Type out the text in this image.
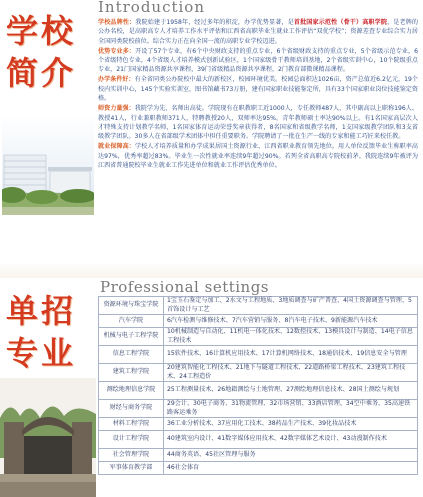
学校
简介
Introduction

学校品牌性：我院始建于1958年，经过多年的积淀，办学优势显著，是首批国家示范性（骨干）高职学院，是老牌的公办名校，是高职高专人才培养工作水平评估和江西省高职毕业生就业工作评估“双优学校”；资源差查专业综合实力居全国同类院校前位。综合实力正在向全国一流的高职专业学校迈进。

优势专业多：开设了57个专业，有6个中央财政支持的重点专业，6个省级财政支持的重点专业，5个省级示范专业，6个省级特色专业，4个省级人才培养模式创新试验区，1个国家级骨干教师培训基地，2个省级实训中心，10个院级重点专业，21门国家精品资源共享课程，39门省级精品资源共享课程，2门教育部微课精品课程。

办学条件好：有全省同类公办院校中最大的新校区，校园环境优美。校园总面积达1026亩，资产总值近6.2亿元，19个校内实训中心，145个实验实训室，图书馆藏书73万册，建有国家职业技能鉴定所，具有33个国家职业岗位技能鉴定资格。

师资力量强：我院学为先，名师出高徒。学院现有在职教职工近1000人，专任教师487人，其中副高以上职称196人、教授41人，行业兼职教师371人，特聘教授20人，双师率达95%，青年教师硕士率达90%以上。有1名国家高层次人才特殊支持计划教学名师，1名国家体育运动荣誉奖章获得者，8名国家和省级教学名师，1支国家级教学团队和3支省级教学团队。30多人在省部级学术团体中担任重要职务。学院聘请了一批在生产一线的专家和能工巧匠来校任教。

就业保障高：学校人才培养质量和办学成果居国土资源行业、江西省职业教育领先地位。用人单位反馈毕业生称职率高达97%，优秀率超过83%。毕业生一次性就业率连续9年超过90%。若列全省高职高专院校前茅。我院连续9年被评为江西省普通院校毕业生就业工作先进单位和就业工作评估优秀单位。

Professional settings
单招
专业
资源环境与珠宝学院	1宝玉石鉴定与加工、2水文与工程地质、3地质调查与矿产普查、4国土资源调查与管理、5首饰设计与工艺
汽车学院	6汽车检测与维修技术、7汽车营销与服务、8汽车电子技术、9新能源汽车技术
机械与电子工程学院	10机械制造与自动化、11机电一体化技术、12数控技术、13模具设计与制造、14电子信息工程技术
信息工程学院	15软件技术、16计算机应用技术、17计算机网络技术、18通信技术、19信息安全与管理
建筑工程学院	20建筑智能化工程技术、21地下与隧道工程技术、22道路桥梁工程技术、23建筑工程技术、24工程造价
测绘地理信息学院	25工程测量技术、26地籍测绘与土地管理、27测绘地理信息技术、28国土测绘与规划
财经与商务学院	29会计、30电子商务、31物流管理、32市场营销、33酒店管理、34空中乘务、35高速铁路客运乘务
材料工程学院	36工业分析技术、37应用化工技术、38药品生产技术、39化妆品技术
设计工程学院	40建筑室内设计、41数字媒体应用技术、42数字媒体艺术设计、43动漫制作技术
社会管理学院	44商务英语、45社区管理与服务
军事体育教学部	46社会体育
